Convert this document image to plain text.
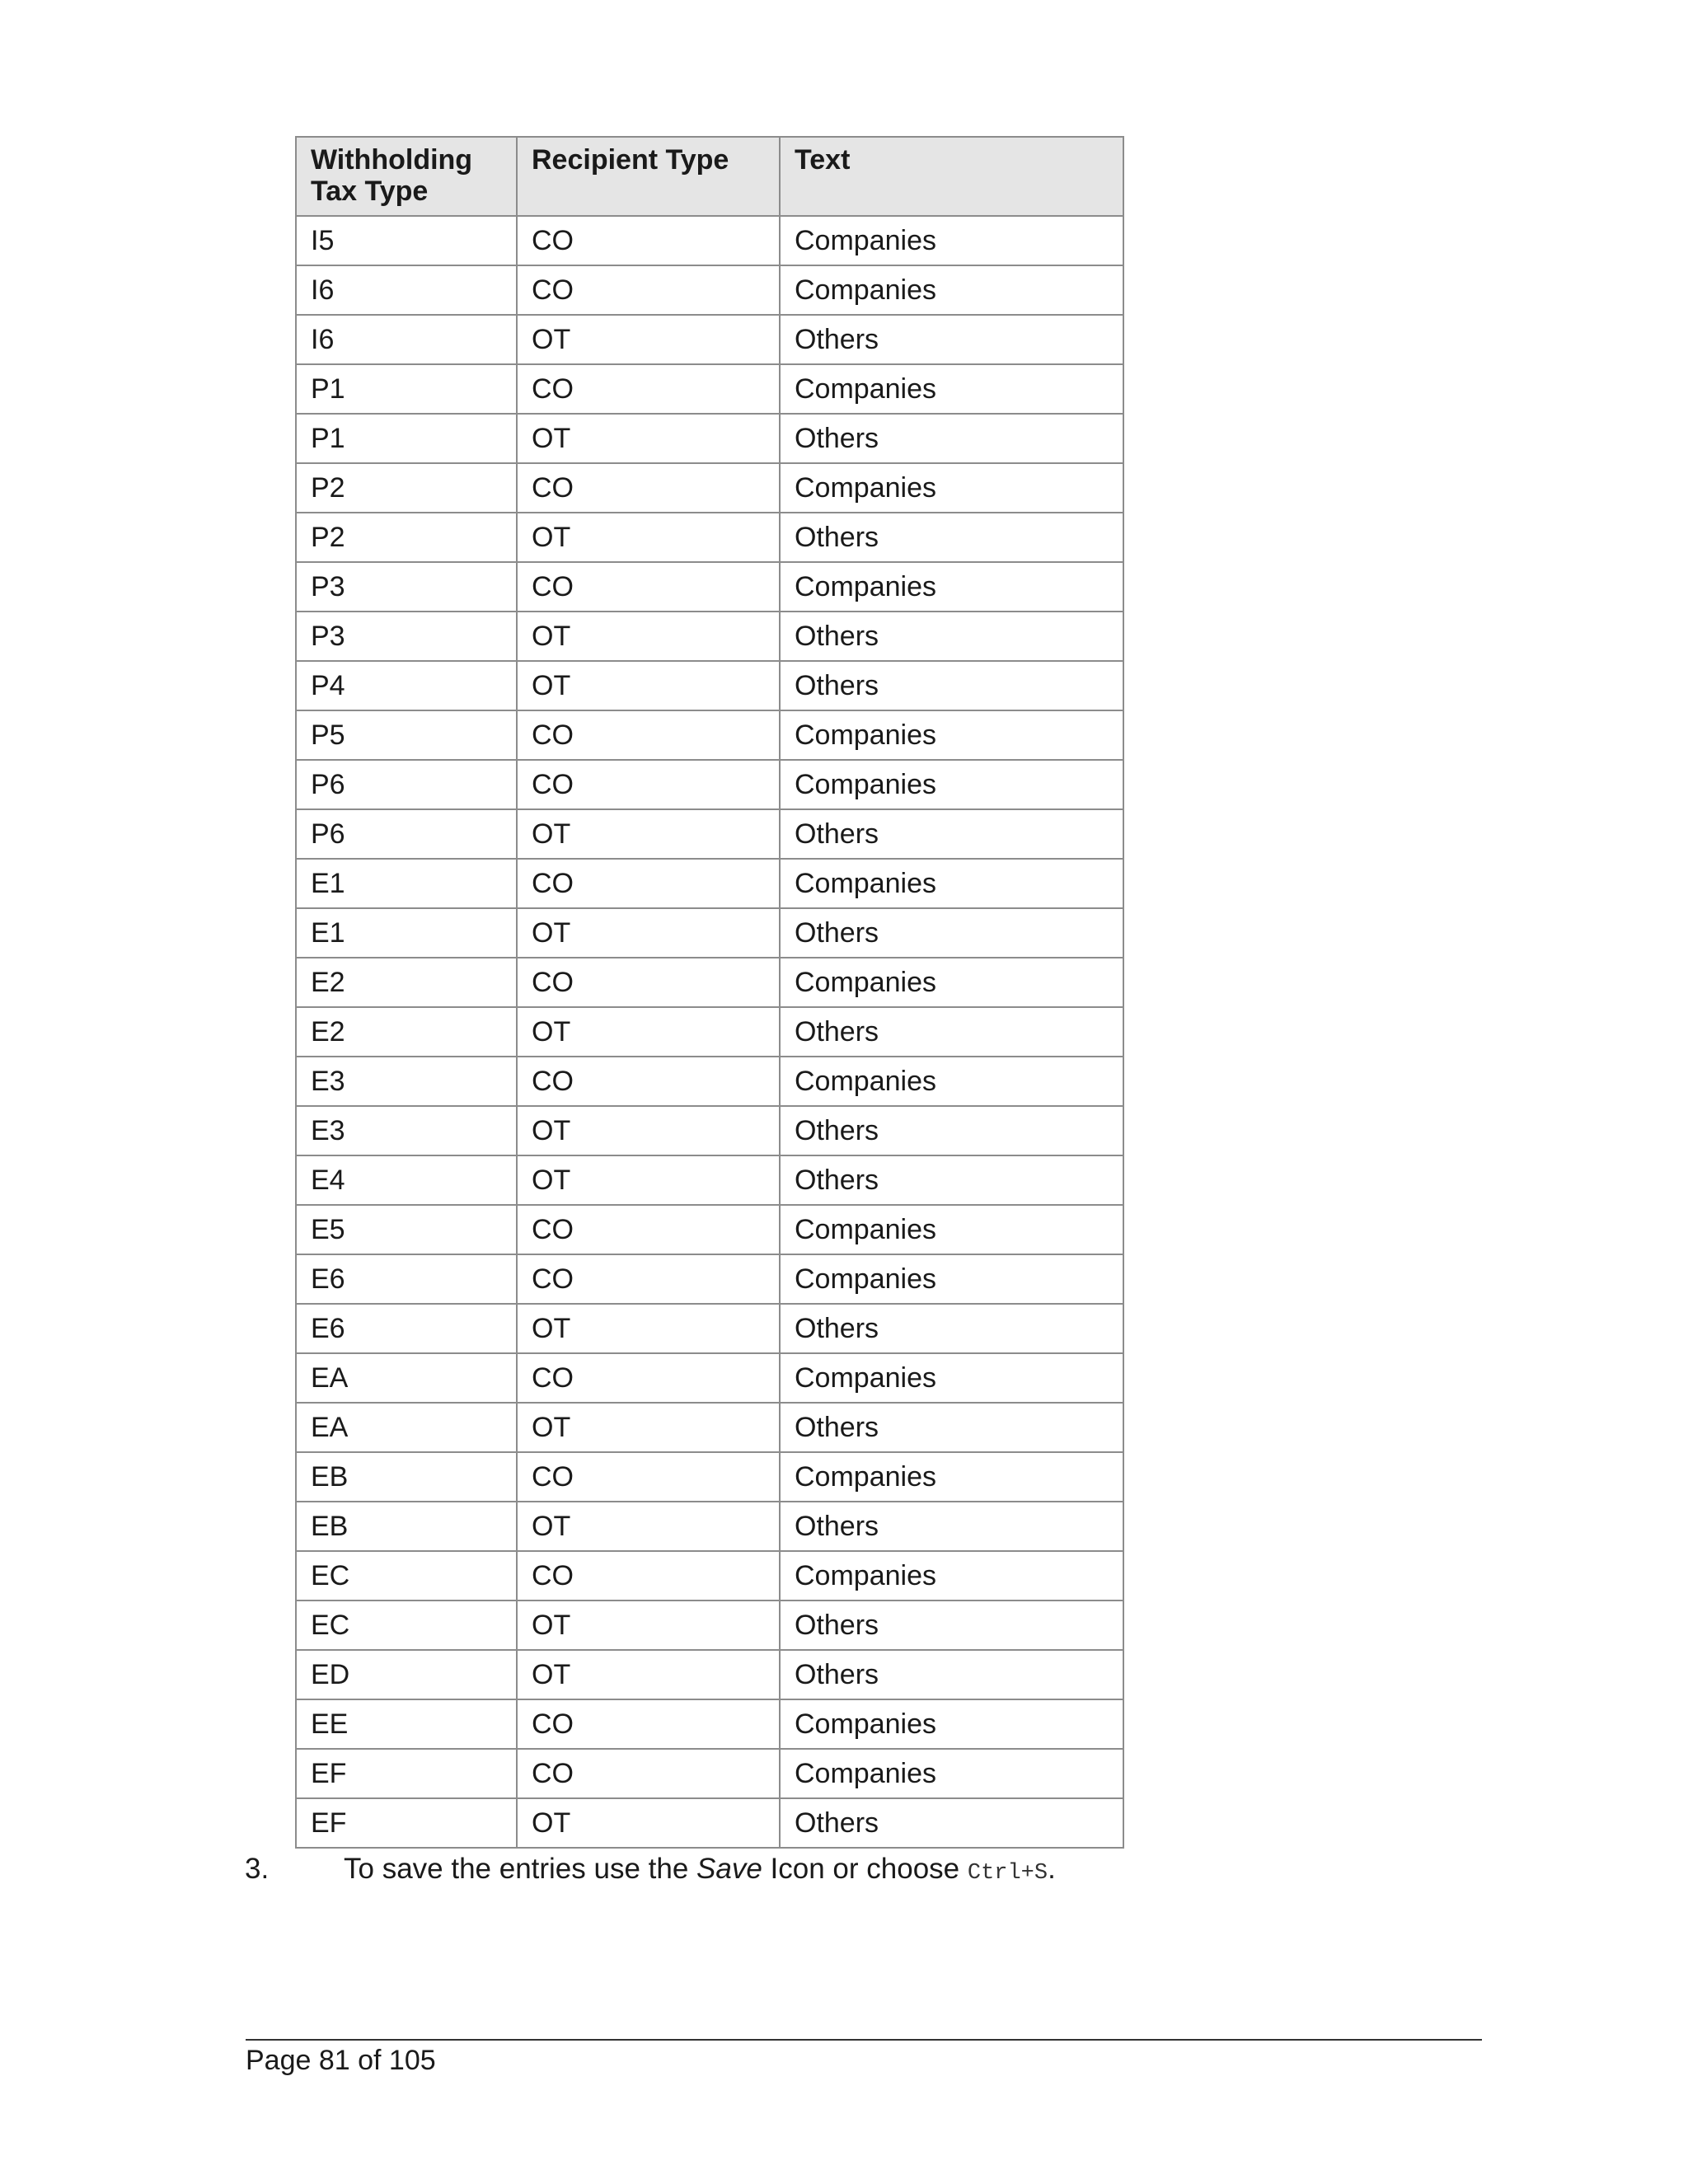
Withholding Tax Type	Recipient Type	Text
I5	CO	Companies
I6	CO	Companies
I6	OT	Others
P1	CO	Companies
P1	OT	Others
P2	CO	Companies
P2	OT	Others
P3	CO	Companies
P3	OT	Others
P4	OT	Others
P5	CO	Companies
P6	CO	Companies
P6	OT	Others
E1	CO	Companies
E1	OT	Others
E2	CO	Companies
E2	OT	Others
E3	CO	Companies
E3	OT	Others
E4	OT	Others
E5	CO	Companies
E6	CO	Companies
E6	OT	Others
EA	CO	Companies
EA	OT	Others
EB	CO	Companies
EB	OT	Others
EC	CO	Companies
EC	OT	Others
ED	OT	Others
EE	CO	Companies
EF	CO	Companies
EF	OT	Others
3.	To save the entries use the Save Icon or choose Ctrl+S.
Page 81 of 105
